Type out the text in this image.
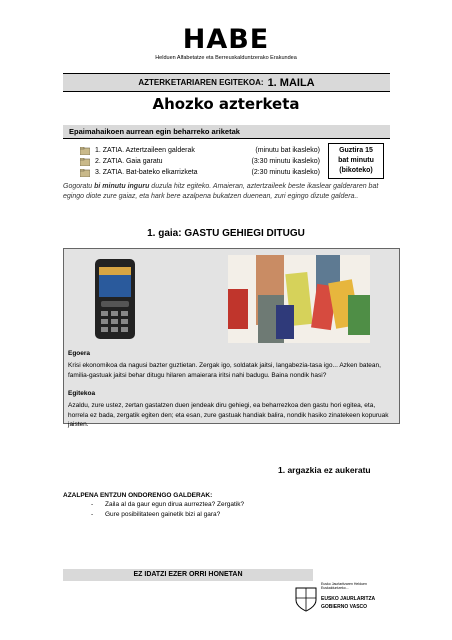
HABE
Helduen Alfabetatze eta Berreuskalduntzerako Erakundea
AZTERKETARIAREN EGITEKOA: 1. MAILA
Ahozko azterketa
Epaimahaikoen aurrean egin beharreko ariketak
1. ZATIA. Aztertzaileen galderak	(minutu bat ikasleko)
2. ZATIA. Gaia garatu	(3:30 minutu ikasleko)
3. ZATIA. Bat-bateko elkarrizketa	(2:30 minutu ikasleko)
Guztira 15
bat minutu
(bikoteko)
Gogoratu bi minutu inguru duzula hitz egiteko. Amaieran, aztertzaileek beste ikaslear galderaren bat egingo diote zure gaiaz, eta hark bere azalpena bukatzen duenean, zuri egingo dizute galdera..
1. gaia: GASTU GEHIEGI DITUGU
Egoera
Krisi ekonomikoa da nagusi bazter guztietan. Zergak igo, soldatak jaitsi, langabezia-tasa igo... Azken batean, familia-gastuak jaitsi behar ditugu hilaren amaierara iritsi nahi badugu. Baina nondik hasi?
Egitekoa
Azaldu, zure ustez, zertan gastatzen duen jendeak diru gehiegi, ea beharrezkoa den gastu hori egitea, eta, horrela ez bada, zergatik egiten den; eta esan, zure gastuak handiak balira, nondik hasiko zinatekeen kopuruak jaisten.
1. argazkia ez aukeratu
AZALPENA ENTZUN ONDORENGO GALDERAK:
-	Zaila al da gaur egun dirua aurreztea? Zergatik?
-	Gure posibilitateen gainetik bizi al gara?
EZ IDATZI EZER ORRI HONETAN
Eusko Jaurlaritzaren Helduen Euskalduntzeko...
EUSKO JAURLARITZA
GOBIERNO VASCO
